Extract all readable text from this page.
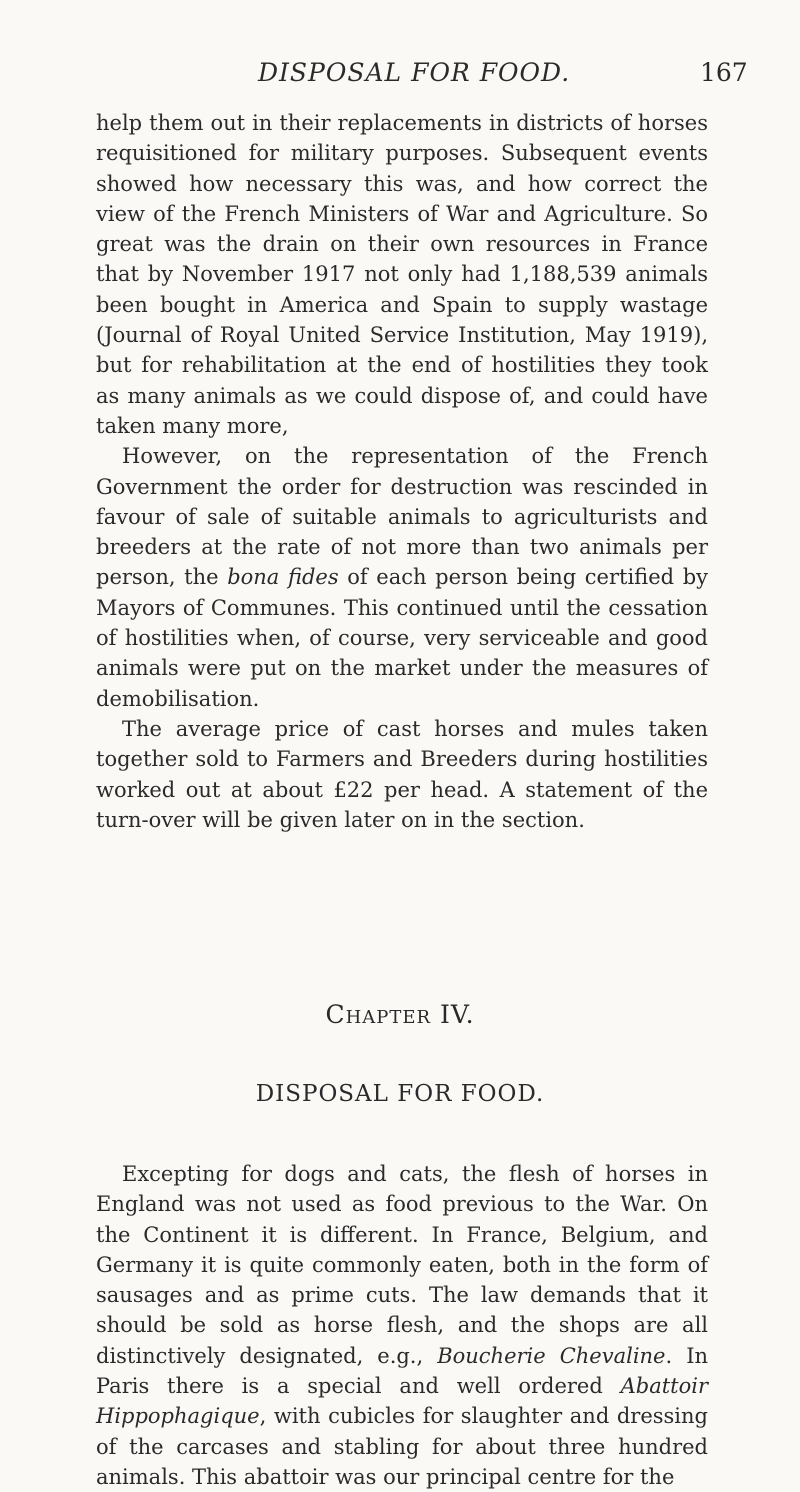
DISPOSAL FOR FOOD.	167

help them out in their replacements in districts of horses requisitioned for military purposes. Subsequent events showed how necessary this was, and how correct the view of the French Ministers of War and Agriculture. So great was the drain on their own resources in France that by November 1917 not only had 1,188,539 animals been bought in America and Spain to supply wastage (Journal of Royal United Service Institution, May 1919), but for rehabilitation at the end of hostilities they took as many animals as we could dispose of, and could have taken many more,

However, on the representation of the French Government the order for destruction was rescinded in favour of sale of suitable animals to agriculturists and breeders at the rate of not more than two animals per person, the bona fides of each person being certified by Mayors of Communes. This continued until the cessation of hostilities when, of course, very serviceable and good animals were put on the market under the measures of demobilisation.

The average price of cast horses and mules taken together sold to Farmers and Breeders during hostilities worked out at about £22 per head. A statement of the turn-over will be given later on in the section.

Chapter IV.
DISPOSAL FOR FOOD.

Excepting for dogs and cats, the flesh of horses in England was not used as food previous to the War. On the Continent it is different. In France, Belgium, and Germany it is quite commonly eaten, both in the form of sausages and as prime cuts. The law demands that it should be sold as horse flesh, and the shops are all distinctively designated, e.g., Boucherie Chevaline. In Paris there is a special and well ordered Abattoir Hippophagique, with cubicles for slaughter and dressing of the carcases and stabling for about three hundred animals. This abattoir was our principal centre for the
